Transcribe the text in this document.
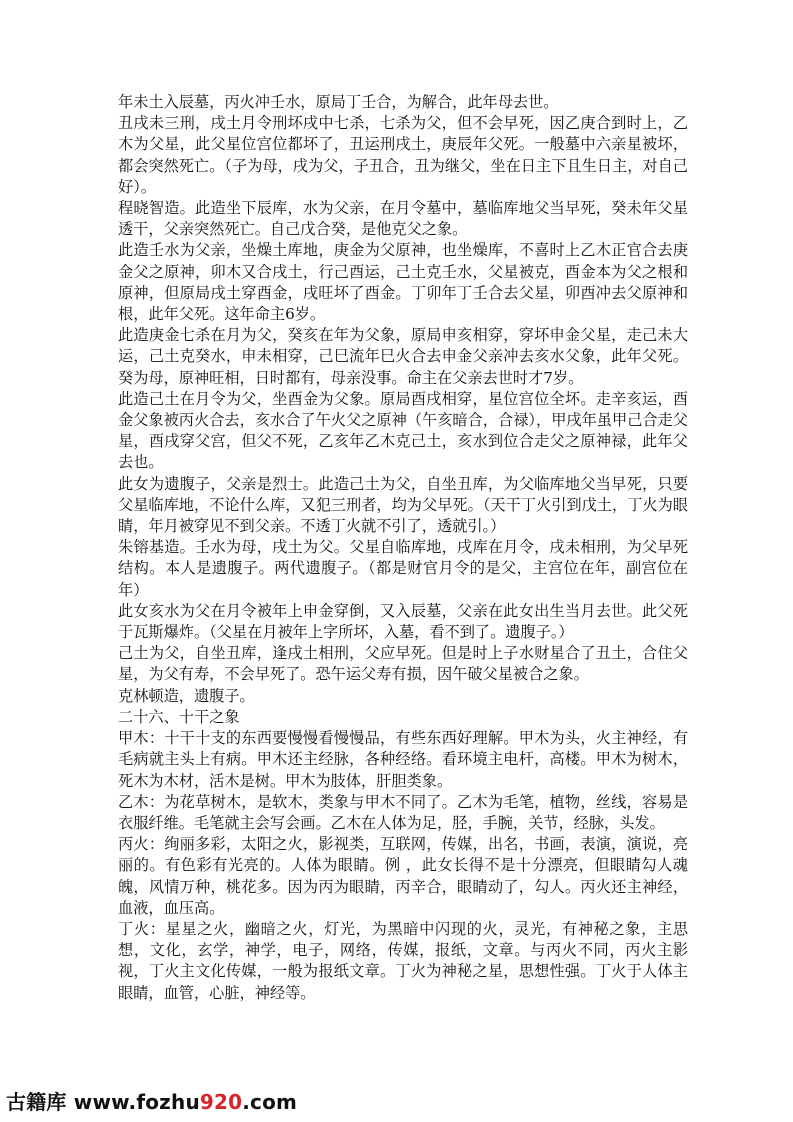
年未土入辰墓，丙火冲壬水，原局丁壬合，为解合，此年母去世。

丑戌未三刑，戌土月令刑坏戌中七杀，七杀为父，但不会早死，因乙庚合到时上，乙木为父星，此父星位宫位都坏了，丑运刑戌土，庚辰年父死。一般墓中六亲星被坏，都会突然死亡。（子为母，戌为父，子丑合，丑为继父，坐在日主下且生日主，对自己好）。

程晓智造。此造坐下辰库，水为父亲，在月令墓中，墓临库地父当早死，癸未年父星透干，父亲突然死亡。自己戊合癸，是他克父之象。

此造壬水为父亲，坐燥土库地，庚金为父原神，也坐燥库，不喜时上乙木正官合去庚金父之原神，卯木又合戌土，行己酉运，己土克壬水，父星被克，酉金本为父之根和原神，但原局戌土穿酉金，戌旺坏了酉金。丁卯年丁壬合去父星，卯酉冲去父原神和根，此年父死。这年命主6岁。

此造庚金七杀在月为父，癸亥在年为父象，原局申亥相穿，穿坏申金父星，走己未大运，己土克癸水，申未相穿，己巳流年巳火合去申金父亲冲去亥水父象，此年父死。癸为母，原神旺相，日时都有，母亲没事。命主在父亲去世时才7岁。

此造己土在月令为父，坐酉金为父象。原局酉戌相穿，星位宫位全坏。走辛亥运，酉金父象被丙火合去，亥水合了午火父之原神（午亥暗合，合禄），甲戌年虽甲己合走父星，酉戌穿父宫，但父不死，乙亥年乙木克己土，亥水到位合走父之原神禄，此年父去也。

此女为遗腹子，父亲是烈士。此造己土为父，自坐丑库，为父临库地父当早死，只要父星临库地，不论什么库，又犯三刑者，均为父早死。（天干丁火引到戊土，丁火为眼睛，年月被穿见不到父亲。不透丁火就不引了，透就引。）

朱镕基造。壬水为母，戌土为父。父星自临库地，戌库在月令，戌未相刑，为父早死结构。本人是遗腹子。两代遗腹子。（都是财官月令的是父，主宫位在年，副宫位在年）

此女亥水为父在月令被年上申金穿倒，又入辰墓，父亲在此女出生当月去世。此父死于瓦斯爆炸。（父星在月被年上字所坏，入墓，看不到了。遗腹子。）

己土为父，自坐丑库，逢戌土相刑，父应早死。但是时上子水财星合了丑土，合住父星，为父有寿，不会早死了。恐午运父寿有损，因午破父星被合之象。

克林顿造，遗腹子。

二十六、十干之象

甲木：十干十支的东西要慢慢看慢慢品，有些东西好理解。甲木为头，火主神经，有毛病就主头上有病。甲木还主经脉，各种经络。看环境主电杆，高楼。甲木为树木，死木为木材，活木是树。甲木为肢体，肝胆类象。

乙木：为花草树木，是软木，类象与甲木不同了。乙木为毛笔，植物，丝线，容易是衣服纤维。毛笔就主会写会画。乙木在人体为足，胫，手腕，关节，经脉，头发。

丙火：绚丽多彩，太阳之火，影视类，互联网，传媒，出名，书画，表演，演说，亮丽的。有色彩有光亮的。人体为眼睛。例 ，此女长得不是十分漂亮，但眼睛勾人魂魄，风情万种，桃花多。因为丙为眼睛，丙辛合，眼睛动了，勾人。丙火还主神经，血液，血压高。

丁火：星星之火，幽暗之火，灯光，为黑暗中闪现的火，灵光，有神秘之象，主思想，文化，玄学，神学，电子，网络，传媒，报纸，文章。与丙火不同，丙火主影视，丁火主文化传媒，一般为报纸文章。丁火为神秘之星，思想性强。丁火于人体主眼睛，血管，心脏，神经等。

古籍库 www.fozhu920.com
